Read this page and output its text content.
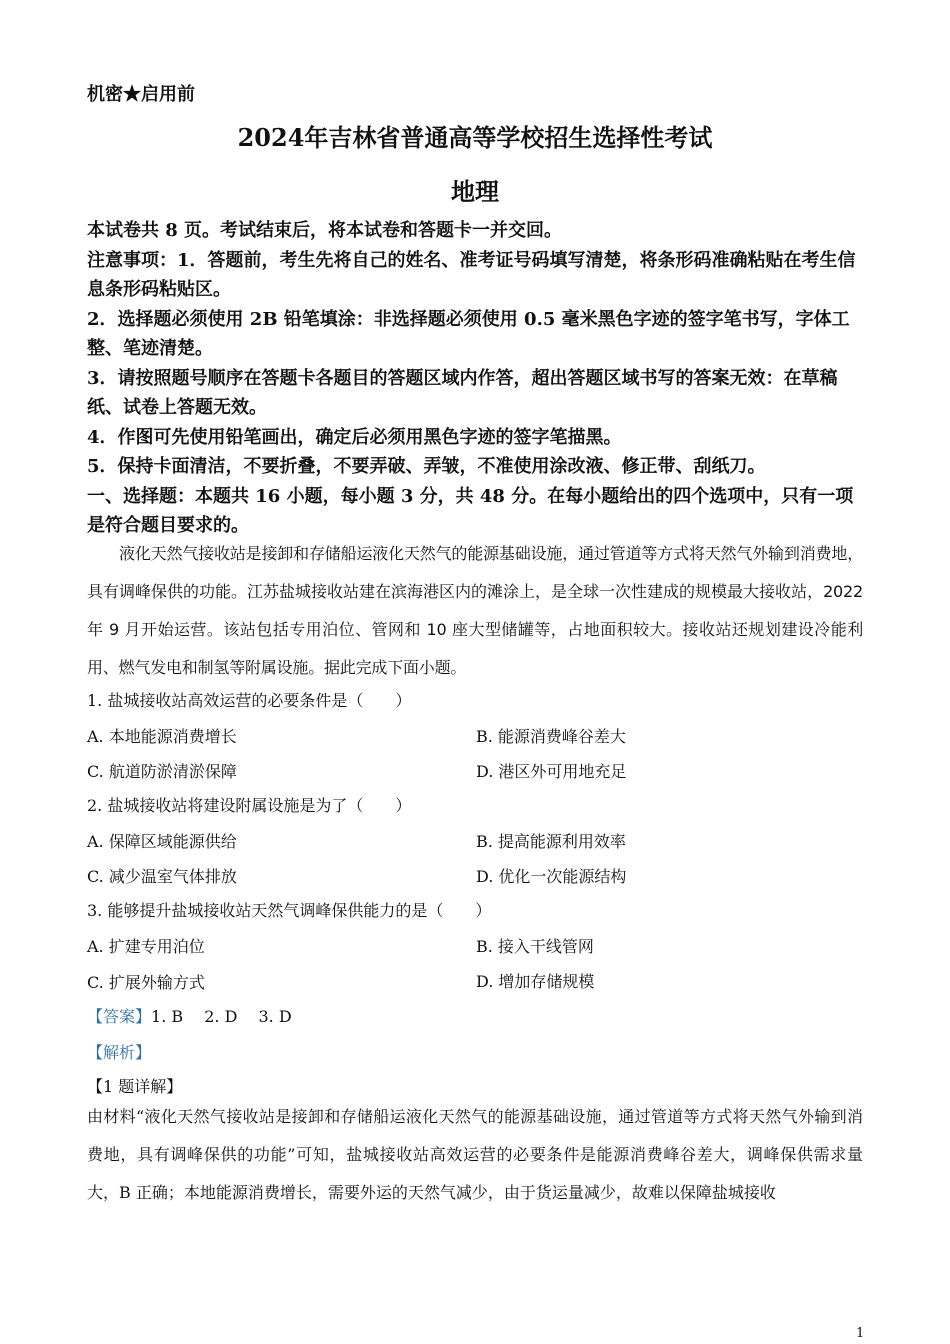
机密★启用前
2024年吉林省普通高等学校招生选择性考试
地理

本试卷共 8 页。考试结束后，将本试卷和答题卡一并交回。

注意事项：1．答题前，考生先将自己的姓名、准考证号码填写清楚，将条形码准确粘贴在考生信息条形码粘贴区。

2．选择题必须使用 2B 铅笔填涂：非选择题必须使用 0.5 毫米黑色字迹的签字笔书写，字体工整、笔迹清楚。

3．请按照题号顺序在答题卡各题目的答题区域内作答，超出答题区域书写的答案无效：在草稿纸、试卷上答题无效。

4．作图可先使用铅笔画出，确定后必须用黑色字迹的签字笔描黑。

5．保持卡面清洁，不要折叠，不要弄破、弄皱，不准使用涂改液、修正带、刮纸刀。

一、选择题：本题共 16 小题，每小题 3 分，共 48 分。在每小题给出的四个选项中，只有一项是符合题目要求的。

液化天然气接收站是接卸和存储船运液化天然气的能源基础设施，通过管道等方式将天然气外输到消费地，具有调峰保供的功能。江苏盐城接收站建在滨海港区内的滩涂上，是全球一次性建成的规模最大接收站，2022 年 9 月开始运营。该站包括专用泊位、管网和 10 座大型储罐等，占地面积较大。接收站还规划建设冷能利用、燃气发电和制氢等附属设施。据此完成下面小题。

1. 盐城接收站高效运营的必要条件是（　　）
A. 本地能源消费增长	B. 能源消费峰谷差大
C. 航道防淤清淤保障	D. 港区外可用地充足
2. 盐城接收站将建设附属设施是为了（　　）
A. 保障区域能源供给	B. 提高能源利用效率
C. 减少温室气体排放	D. 优化一次能源结构
3. 能够提升盐城接收站天然气调峰保供能力的是（　　）
A. 扩建专用泊位	B. 接入干线管网
C. 扩展外输方式	D. 增加存储规模
【答案】1. B　 2. D　 3. D
【解析】
【1 题详解】

由材料“液化天然气接收站是接卸和存储船运液化天然气的能源基础设施，通过管道等方式将天然气外输到消费地，具有调峰保供的功能”可知，盐城接收站高效运营的必要条件是能源消费峰谷差大，调峰保供需求量大，B 正确；本地能源消费增长，需要外运的天然气减少，由于货运量减少，故难以保障盐城接收

1
